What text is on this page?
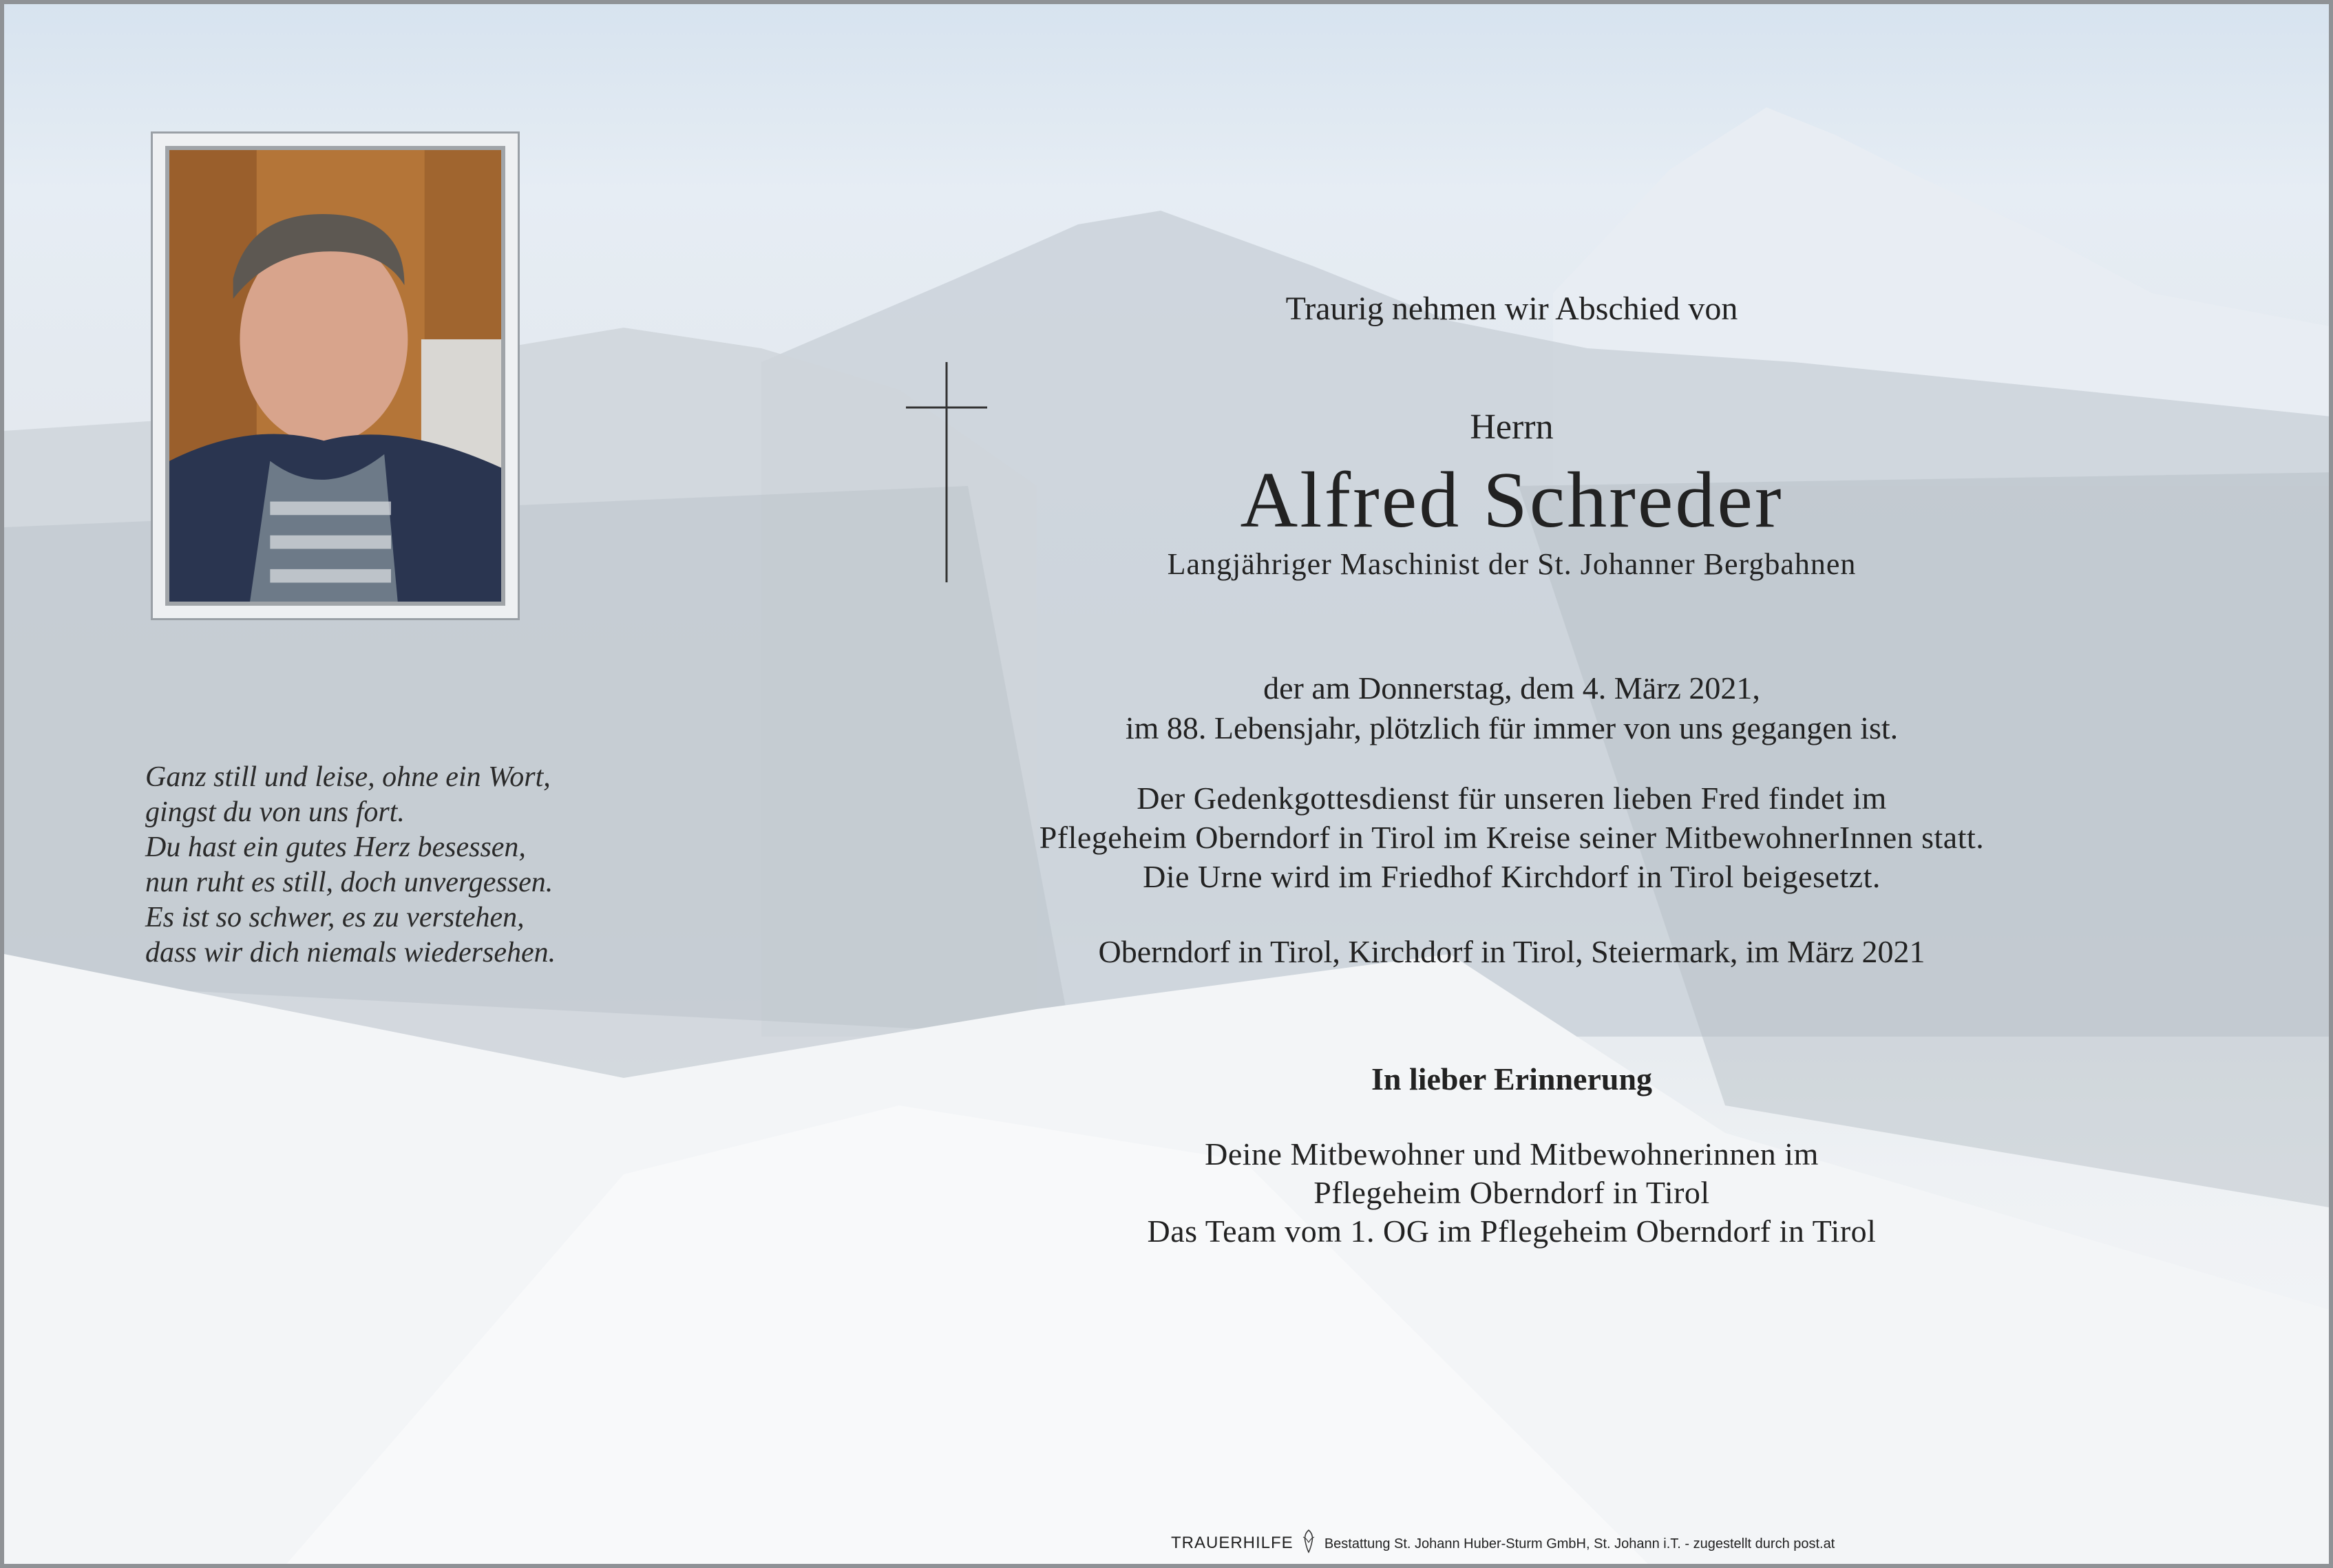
Traurig nehmen wir Abschied von
Herrn
Alfred Schreder
Langjähriger Maschinist der St. Johanner Bergbahnen
der am Donnerstag, dem 4. März 2021,
im 88. Lebensjahr, plötzlich für immer von uns gegangen ist.
Der Gedenkgottesdienst für unseren lieben Fred findet im
Pflegeheim Oberndorf in Tirol im Kreise seiner MitbewohnerInnen statt.
Die Urne wird im Friedhof Kirchdorf in Tirol beigesetzt.
Oberndorf in Tirol, Kirchdorf in Tirol, Steiermark, im März 2021
In lieber Erinnerung
Deine Mitbewohner und Mitbewohnerinnen im
Pflegeheim Oberndorf in Tirol
Das Team vom 1. OG im Pflegeheim Oberndorf in Tirol
Ganz still und leise, ohne ein Wort,
gingst du von uns fort.
Du hast ein gutes Herz besessen,
nun ruht es still, doch unvergessen.
Es ist so schwer, es zu verstehen,
dass wir dich niemals wiedersehen.
TRAUERHILFE Bestattung St. Johann Huber-Sturm GmbH, St. Johann i.T. - zugestellt durch post.at
